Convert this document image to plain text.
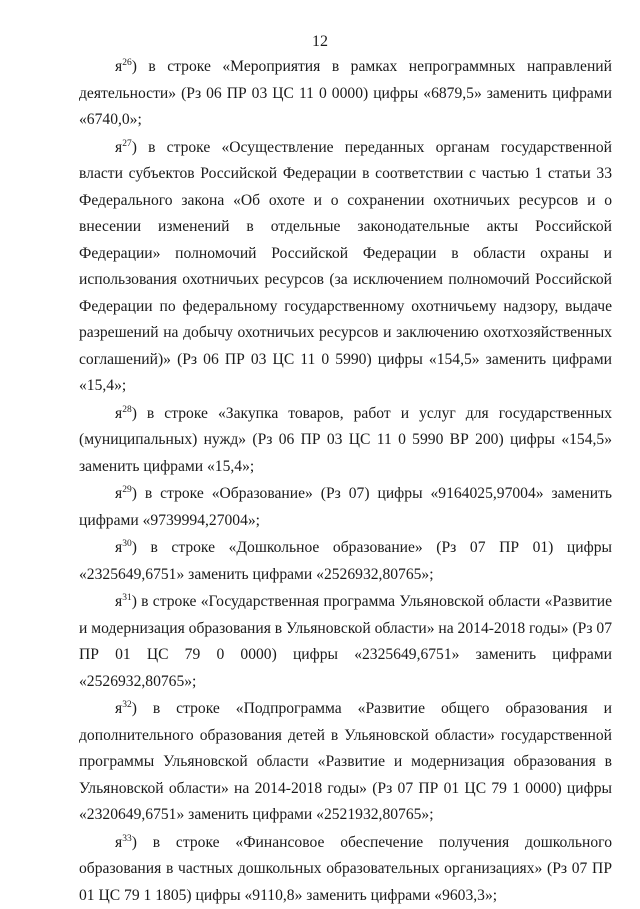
12

$я^{26}$) в строке «Мероприятия в рамках непрограммных направлений деятельности» (Рз 06 ПР 03 ЦС 11 0 0000) цифры «6879,5» заменить цифрами «6740,0»;

$я^{27}$) в строке «Осуществление переданных органам государственной власти субъектов Российской Федерации в соответствии с частью 1 статьи 33 Федерального закона «Об охоте и о сохранении охотничьих ресурсов и о внесении изменений в отдельные законодательные акты Российской Федерации» полномочий Российской Федерации в области охраны и использования охотничьих ресурсов (за исключением полномочий Российской Федерации по федеральному государственному охотничьему надзору, выдаче разрешений на добычу охотничьих ресурсов и заключению охотхозяйственных соглашений)» (Рз 06 ПР 03 ЦС 11 0 5990) цифры «154,5» заменить цифрами «15,4»;

$я^{28}$) в строке «Закупка товаров, работ и услуг для государственных (муниципальных) нужд» (Рз 06 ПР 03 ЦС 11 0 5990 ВР 200) цифры «154,5» заменить цифрами «15,4»;

$я^{29}$) в строке «Образование» (Рз 07) цифры «9164025,97004» заменить цифрами «9739994,27004»;

$я^{30}$) в строке «Дошкольное образование» (Рз 07 ПР 01) цифры «2325649,6751» заменить цифрами «2526932,80765»;

$я^{31}$) в строке «Государственная программа Ульяновской области «Развитие и модернизация образования в Ульяновской области» на 2014-2018 годы» (Рз 07 ПР 01 ЦС 79 0 0000) цифры «2325649,6751» заменить цифрами «2526932,80765»;

$я^{32}$) в строке «Подпрограмма «Развитие общего образования и дополнительного образования детей в Ульяновской области» государственной программы Ульяновской области «Развитие и модернизация образования в Ульяновской области» на 2014-2018 годы» (Рз 07 ПР 01 ЦС 79 1 0000) цифры «2320649,6751» заменить цифрами «2521932,80765»;

$я^{33}$) в строке «Финансовое обеспечение получения дошкольного образования в частных дошкольных образовательных организациях» (Рз 07 ПР 01 ЦС 79 1 1805) цифры «9110,8» заменить цифрами «9603,3»;
